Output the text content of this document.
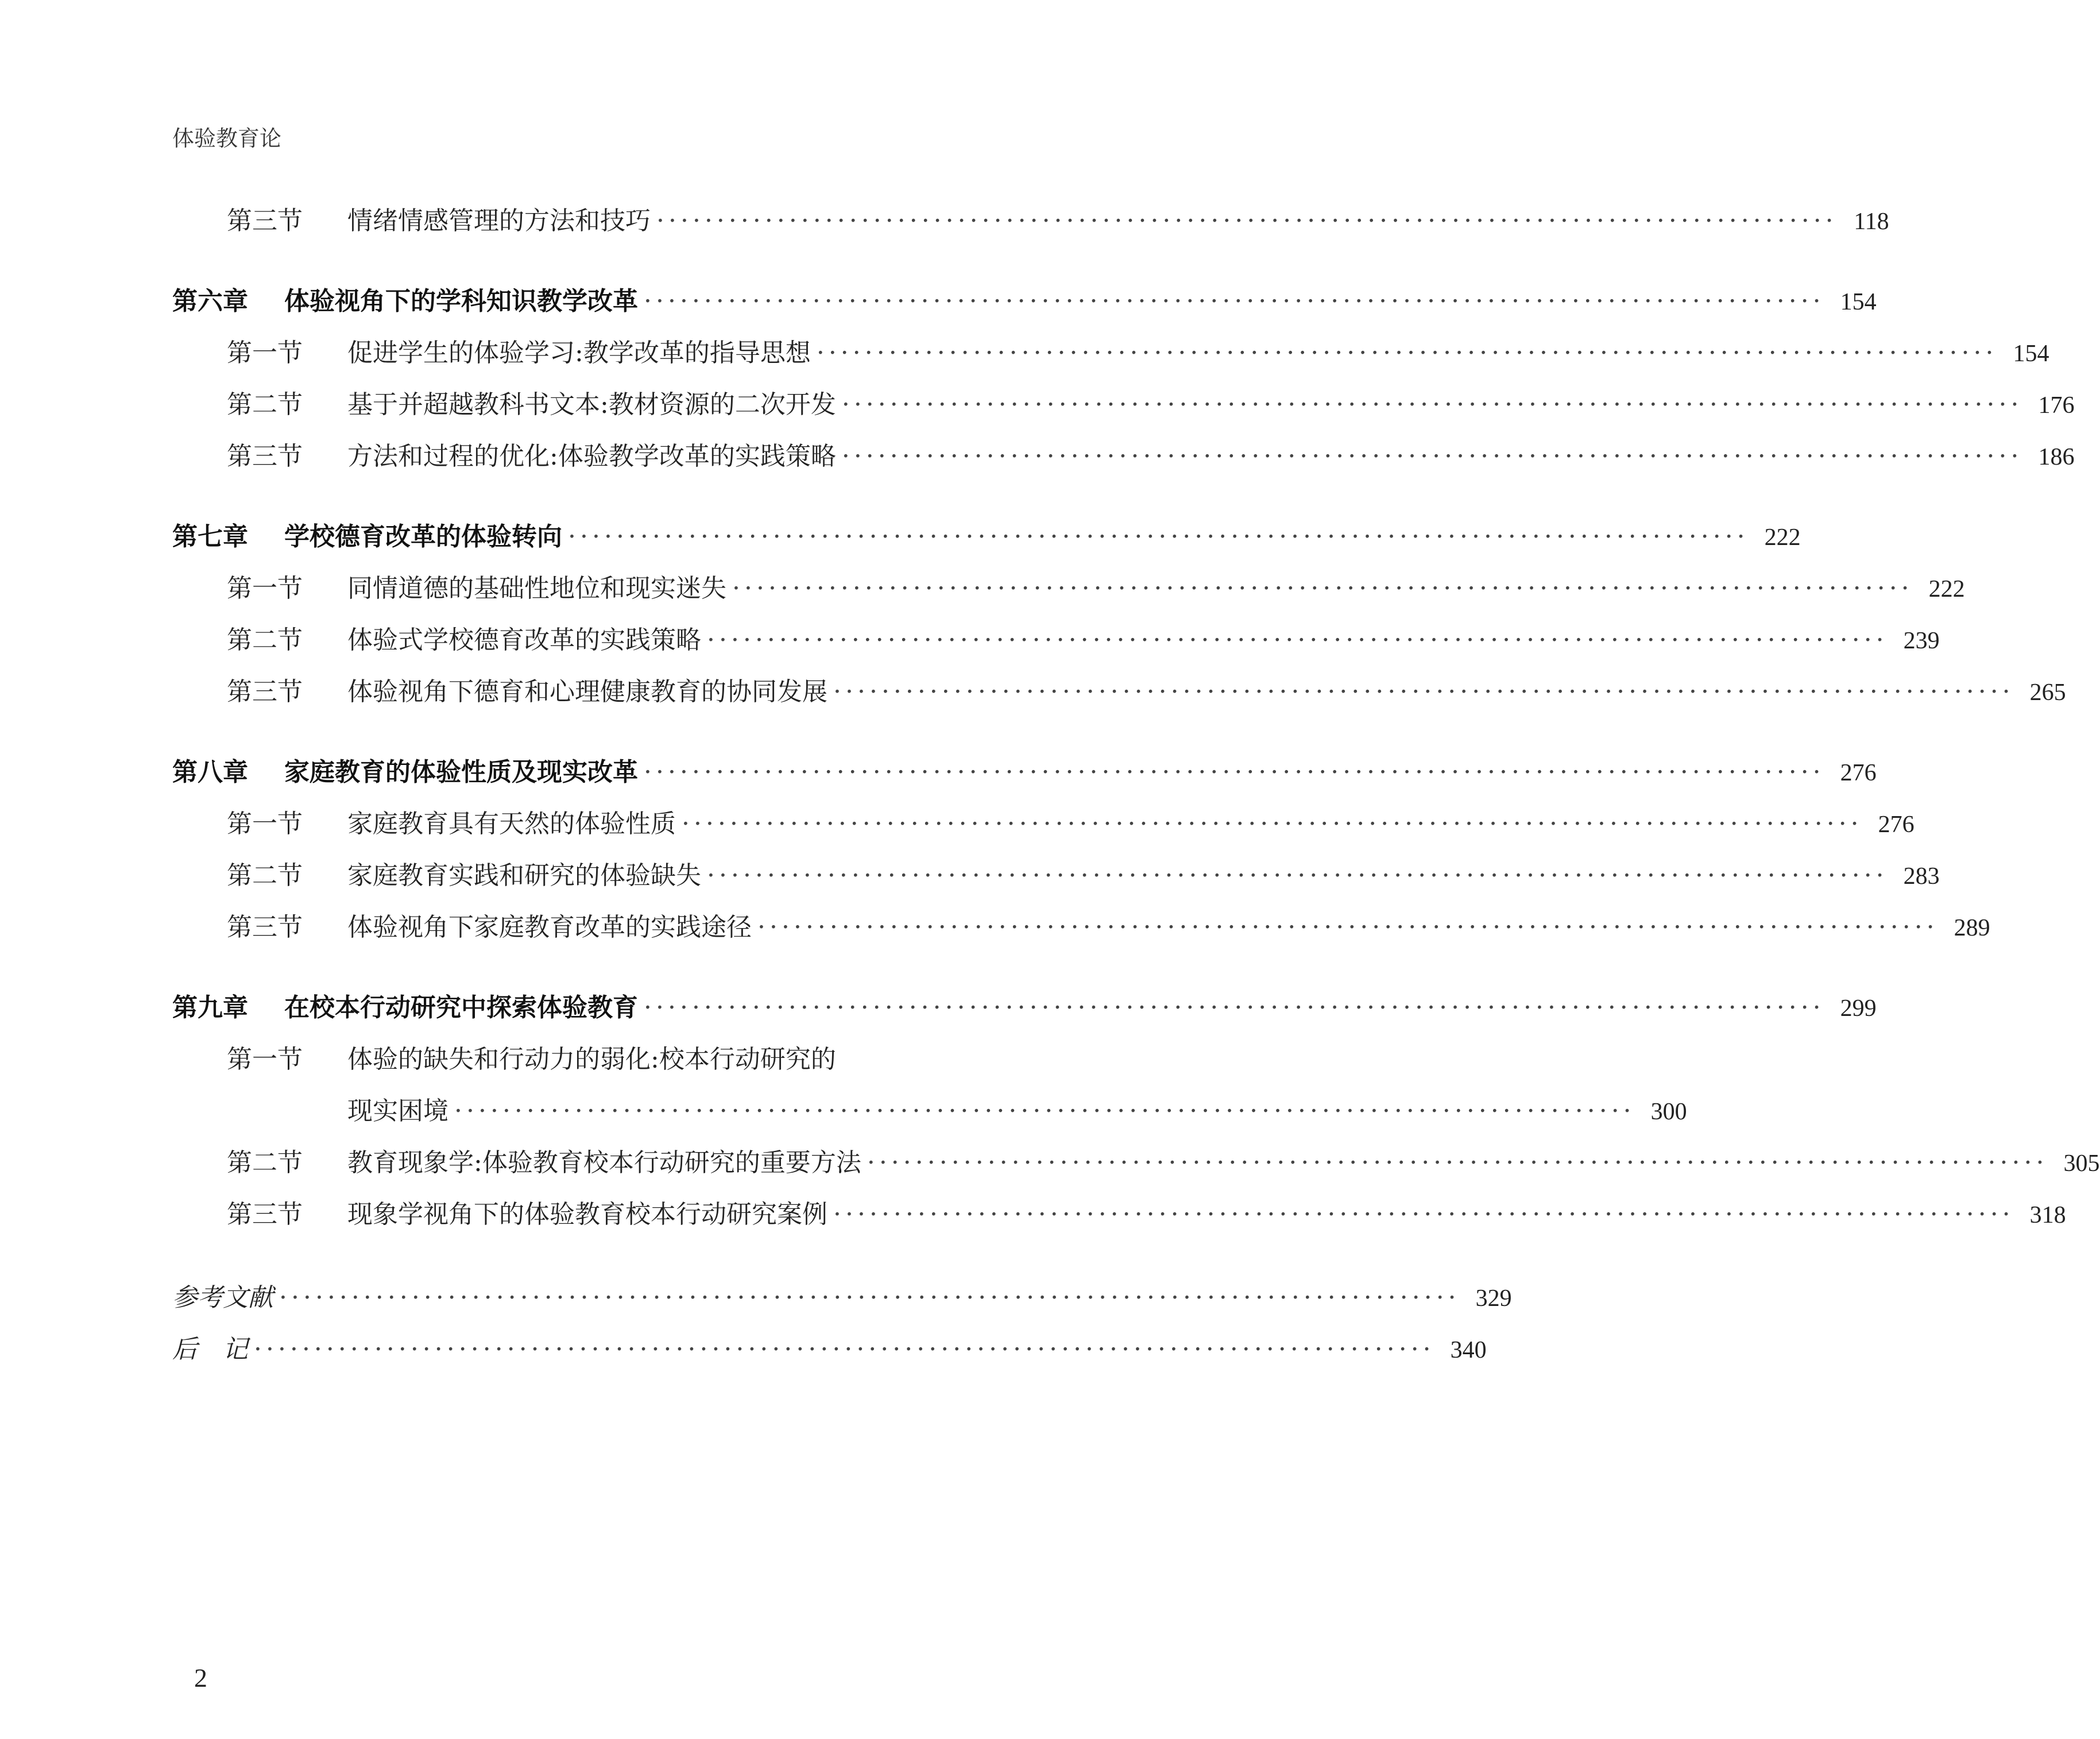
体验教育论
第三节	情绪情感管理的方法和技巧 ·································································································· 118
第六章	体验视角下的学科知识教学改革 ·································································································· 154
第一节	促进学生的体验学习:教学改革的指导思想 ·································································································· 154
第二节	基于并超越教科书文本:教材资源的二次开发 ·································································································· 176
第三节	方法和过程的优化:体验教学改革的实践策略 ·································································································· 186
第七章	学校德育改革的体验转向 ·································································································· 222
第一节	同情道德的基础性地位和现实迷失 ·································································································· 222
第二节	体验式学校德育改革的实践策略 ·································································································· 239
第三节	体验视角下德育和心理健康教育的协同发展 ·································································································· 265
第八章	家庭教育的体验性质及现实改革 ·································································································· 276
第一节	家庭教育具有天然的体验性质 ·································································································· 276
第二节	家庭教育实践和研究的体验缺失 ·································································································· 283
第三节	体验视角下家庭教育改革的实践途径 ·································································································· 289
第九章	在校本行动研究中探索体验教育 ·································································································· 299
第一节	体验的缺失和行动力的弱化:校本行动研究的
现实困境 ·································································································· 300
第二节	教育现象学:体验教育校本行动研究的重要方法 ·································································································· 305
第三节	现象学视角下的体验教育校本行动研究案例 ·································································································· 318
参考文献 ·································································································· 329
后　记 ·································································································· 340
2
